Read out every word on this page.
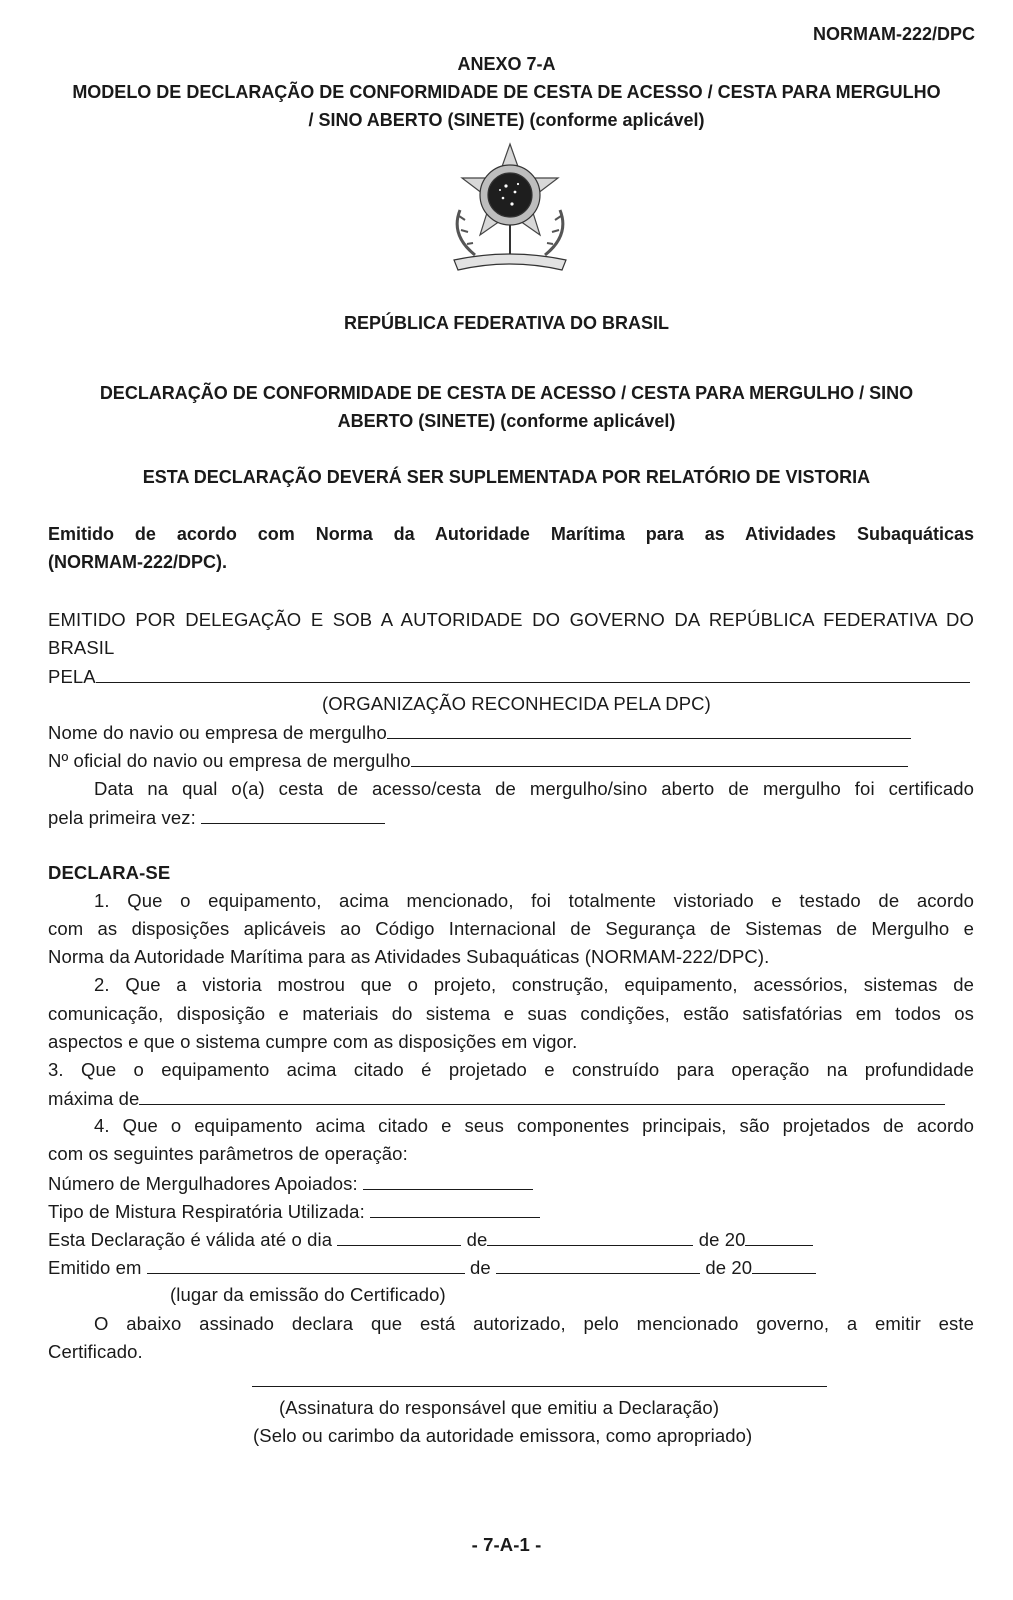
NORMAM-222/DPC
ANEXO 7-A
MODELO DE DECLARAÇÃO DE CONFORMIDADE DE CESTA DE ACESSO / CESTA PARA MERGULHO
/ SINO ABERTO (SINETE) (conforme aplicável)
REPÚBLICA FEDERATIVA DO BRASIL
DECLARAÇÃO DE CONFORMIDADE DE CESTA DE ACESSO / CESTA PARA MERGULHO / SINO
ABERTO (SINETE) (conforme aplicável)
ESTA DECLARAÇÃO DEVERÁ SER SUPLEMENTADA POR RELATÓRIO DE VISTORIA
Emitido de acordo com Norma da Autoridade Marítima para as Atividades Subaquáticas
(NORMAM-222/DPC).
EMITIDO POR DELEGAÇÃO E SOB A AUTORIDADE DO GOVERNO DA REPÚBLICA FEDERATIVA DO
BRASIL
PELA
(ORGANIZAÇÃO RECONHECIDA PELA DPC)
Nome do navio ou empresa de mergulho
Nº oficial do navio ou empresa de mergulho
Data na qual o(a) cesta de acesso/cesta de mergulho/sino aberto de mergulho foi certificado
pela primeira vez:
DECLARA-SE
1. Que o equipamento, acima mencionado, foi totalmente vistoriado e testado de acordo
com as disposições aplicáveis ao Código Internacional de Segurança de Sistemas de Mergulho e
Norma da Autoridade Marítima para as Atividades Subaquáticas (NORMAM-222/DPC).
2. Que a vistoria mostrou que o projeto, construção, equipamento, acessórios, sistemas de
comunicação, disposição e materiais do sistema e suas condições, estão satisfatórias em todos os
aspectos e que o sistema cumpre com as disposições em vigor.
3. Que o equipamento acima citado é projetado e construído para operação na profundidade
máxima de
4. Que o equipamento acima citado e seus componentes principais, são projetados de acordo
com os seguintes parâmetros de operação:
Número de Mergulhadores Apoiados:
Tipo de Mistura Respiratória Utilizada:
Esta Declaração é válida até o dia	de	de 20
Emitido em	de	de 20
(lugar da emissão do Certificado)
O abaixo assinado declara que está autorizado, pelo mencionado governo, a emitir este
Certificado.
(Assinatura do responsável que emitiu a Declaração)
(Selo ou carimbo da autoridade emissora, como apropriado)
- 7-A-1 -
